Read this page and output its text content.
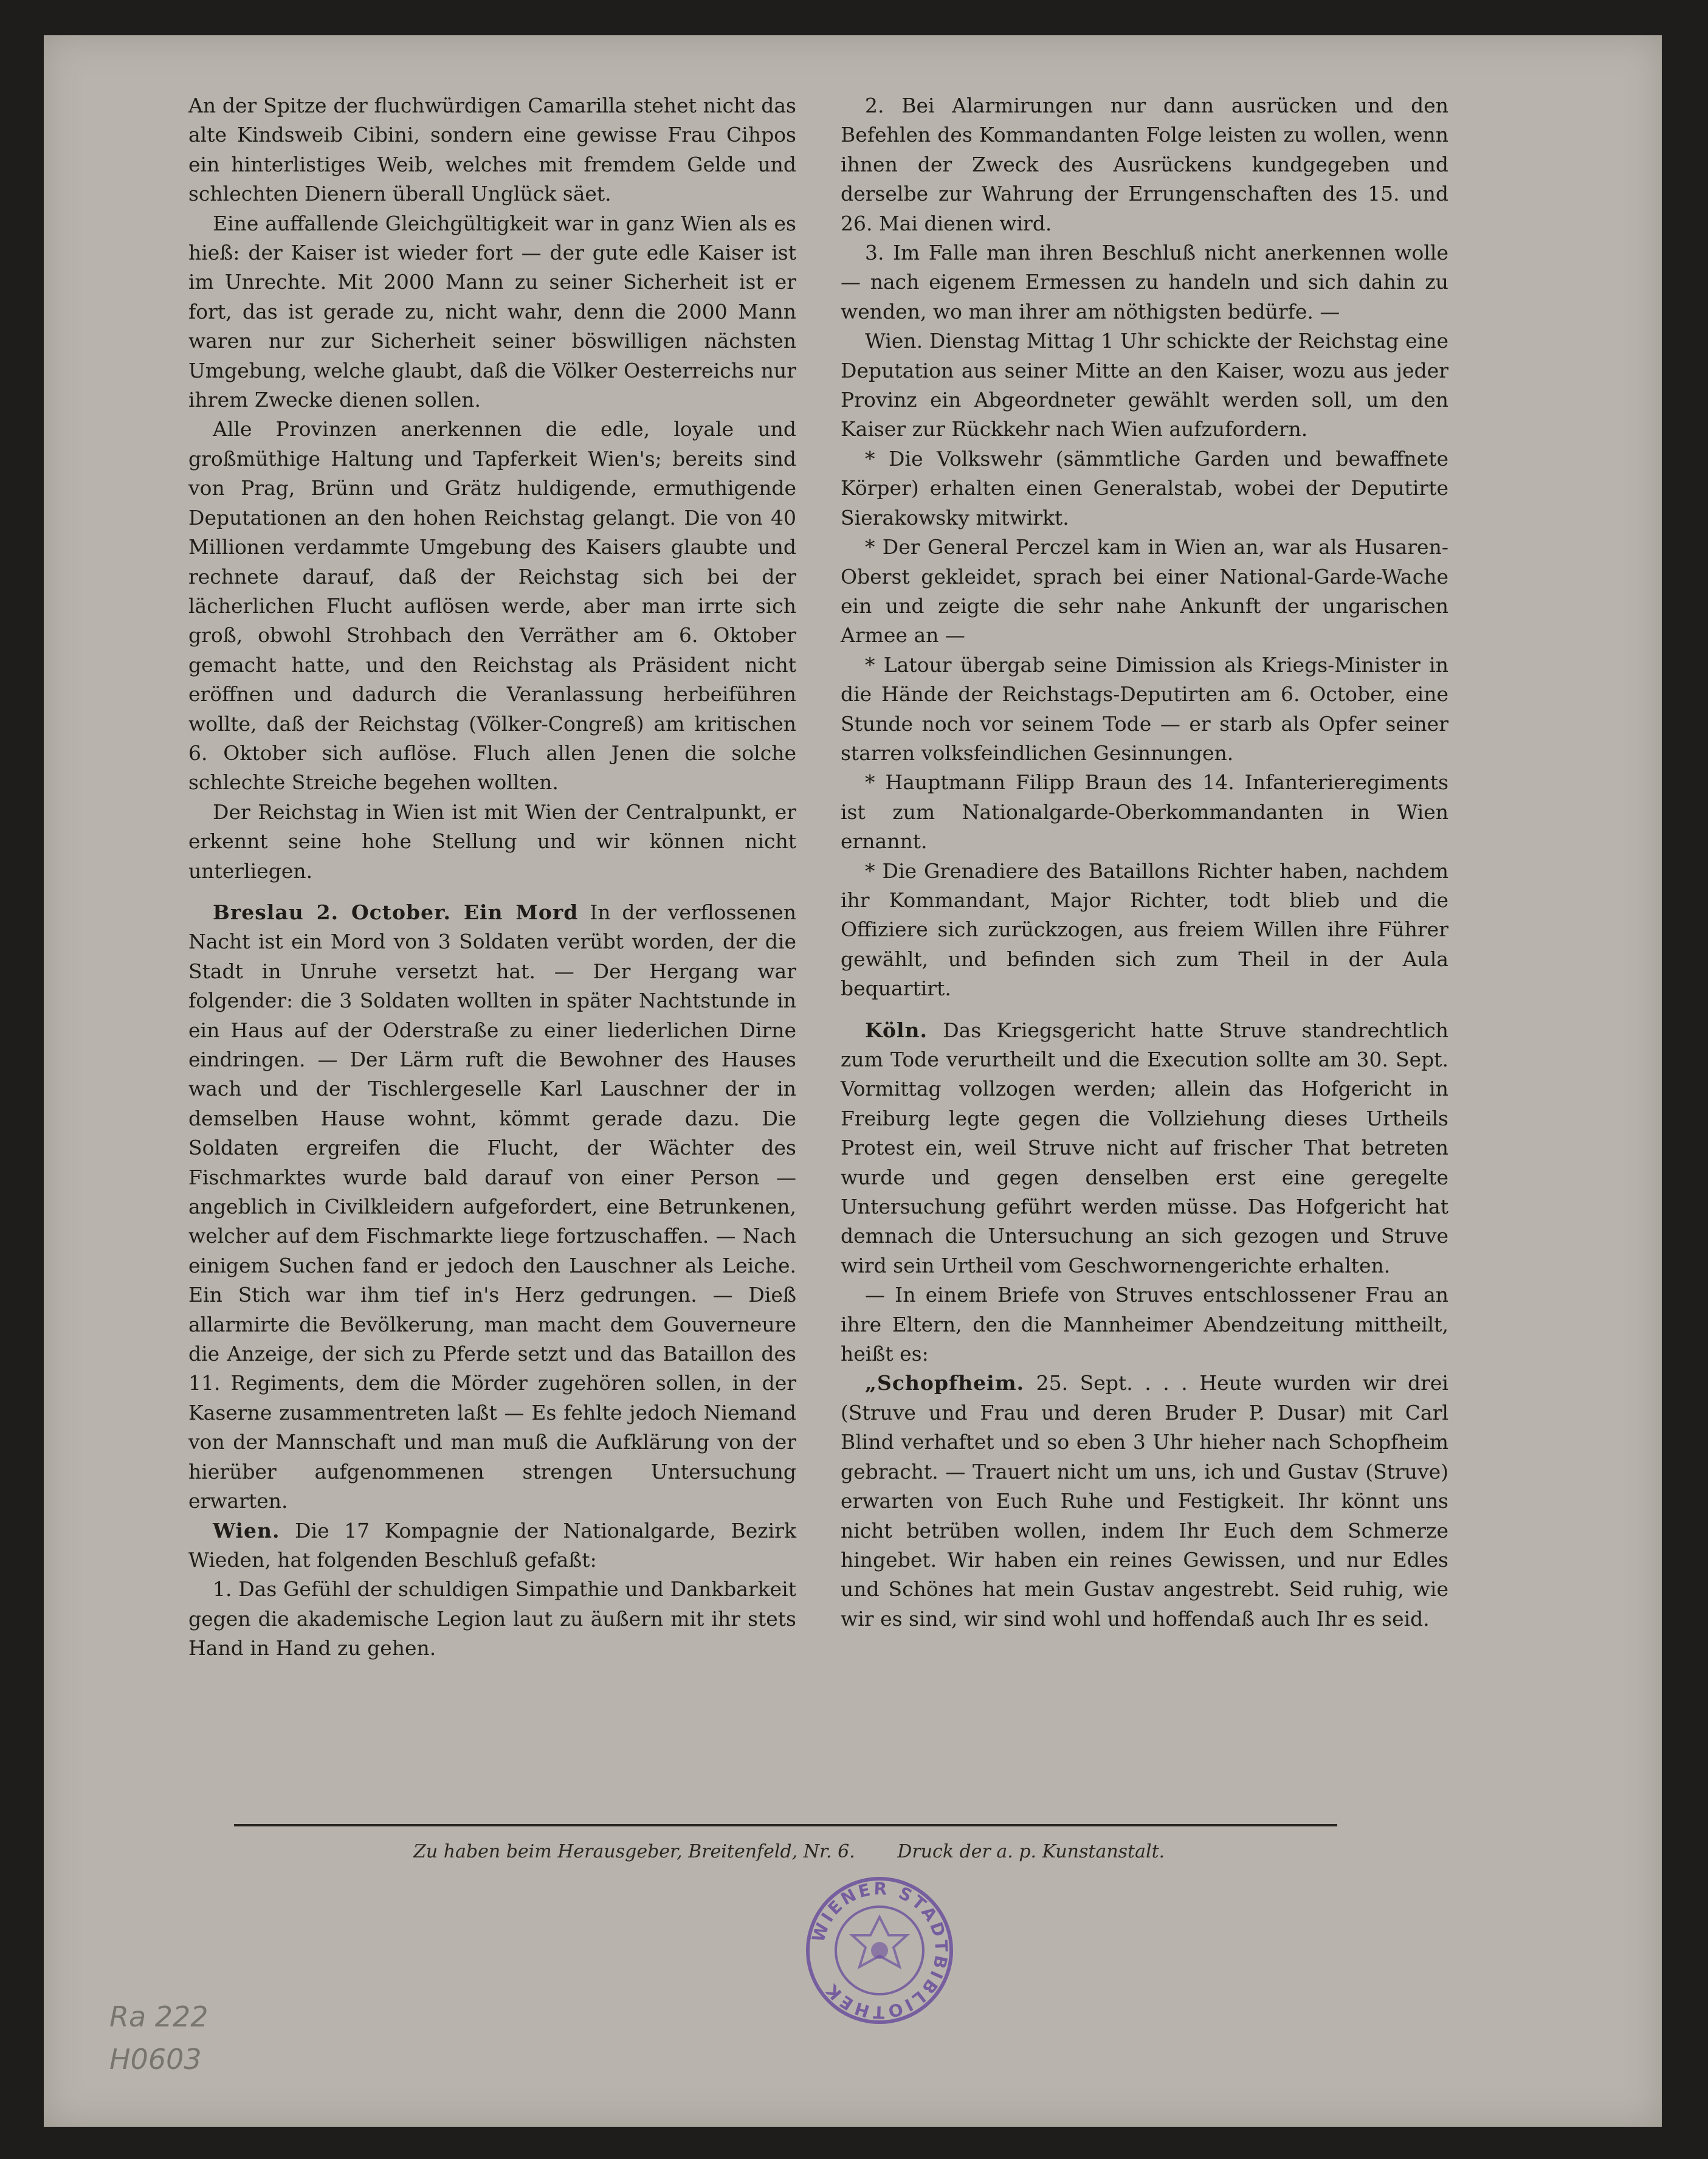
An der Spitze der fluchwürdigen Camarilla stehet nicht das alte Kindsweib Cibini, sondern eine gewisse Frau Cihpos ein hinterlistiges Weib, welches mit fremdem Gelde und schlechten Dienern überall Unglück säet.

Eine auffallende Gleichgültigkeit war in ganz Wien als es hieß: der Kaiser ist wieder fort — der gute edle Kaiser ist im Unrechte. Mit 2000 Mann zu seiner Sicherheit ist er fort, das ist gerade zu, nicht wahr, denn die 2000 Mann waren nur zur Sicherheit seiner böswilligen nächsten Umgebung, welche glaubt, daß die Völker Oesterreichs nur ihrem Zwecke dienen sollen.

Alle Provinzen anerkennen die edle, loyale und großmüthige Haltung und Tapferkeit Wien's; bereits sind von Prag, Brünn und Grätz huldigende, ermuthigende Deputationen an den hohen Reichstag gelangt. Die von 40 Millionen verdammte Umgebung des Kaisers glaubte und rechnete darauf, daß der Reichstag sich bei der lächerlichen Flucht auflösen werde, aber man irrte sich groß, obwohl Strohbach den Verräther am 6. Oktober gemacht hatte, und den Reichstag als Präsident nicht eröffnen und dadurch die Veranlassung herbeiführen wollte, daß der Reichstag (Völker-Congreß) am kritischen 6. Oktober sich auflöse. Fluch allen Jenen die solche schlechte Streiche begehen wollten.

Der Reichstag in Wien ist mit Wien der Centralpunkt, er erkennt seine hohe Stellung und wir können nicht unterliegen.

Breslau 2. October. Ein Mord In der verflossenen Nacht ist ein Mord von 3 Soldaten verübt worden, der die Stadt in Unruhe versetzt hat. — Der Hergang war folgender: die 3 Soldaten wollten in später Nachtstunde in ein Haus auf der Oderstraße zu einer liederlichen Dirne eindringen. — Der Lärm ruft die Bewohner des Hauses wach und der Tischlergeselle Karl Lauschner der in demselben Hause wohnt, kömmt gerade dazu. Die Soldaten ergreifen die Flucht, der Wächter des Fischmarktes wurde bald darauf von einer Person — angeblich in Civilkleidern aufgefordert, eine Betrunkenen, welcher auf dem Fischmarkte liege fortzuschaffen. — Nach einigem Suchen fand er jedoch den Lauschner als Leiche. Ein Stich war ihm tief in's Herz gedrungen. — Dieß allarmirte die Bevölkerung, man macht dem Gouverneure die Anzeige, der sich zu Pferde setzt und das Bataillon des 11. Regiments, dem die Mörder zugehören sollen, in der Kaserne zusammentreten laßt — Es fehlte jedoch Niemand von der Mannschaft und man muß die Aufklärung von der hierüber aufgenommenen strengen Untersuchung erwarten.

Wien. Die 17 Kompagnie der Nationalgarde, Bezirk Wieden, hat folgenden Beschluß gefaßt:

1. Das Gefühl der schuldigen Simpathie und Dankbarkeit gegen die akademische Legion laut zu äußern mit ihr stets Hand in Hand zu gehen.

2. Bei Alarmirungen nur dann ausrücken und den Befehlen des Kommandanten Folge leisten zu wollen, wenn ihnen der Zweck des Ausrückens kundgegeben und derselbe zur Wahrung der Errungenschaften des 15. und 26. Mai dienen wird.

3. Im Falle man ihren Beschluß nicht anerkennen wolle — nach eigenem Ermessen zu handeln und sich dahin zu wenden, wo man ihrer am nöthigsten bedürfe. —

Wien. Dienstag Mittag 1 Uhr schickte der Reichstag eine Deputation aus seiner Mitte an den Kaiser, wozu aus jeder Provinz ein Abgeordneter gewählt werden soll, um den Kaiser zur Rückkehr nach Wien aufzufordern.

* Die Volkswehr (sämmtliche Garden und bewaffnete Körper) erhalten einen Generalstab, wobei der Deputirte Sierakowsky mitwirkt.

* Der General Perczel kam in Wien an, war als Husaren-Oberst gekleidet, sprach bei einer National-Garde-Wache ein und zeigte die sehr nahe Ankunft der ungarischen Armee an —

* Latour übergab seine Dimission als Kriegs-Minister in die Hände der Reichstags-Deputirten am 6. October, eine Stunde noch vor seinem Tode — er starb als Opfer seiner starren volksfeindlichen Gesinnungen.

* Hauptmann Filipp Braun des 14. Infanterieregiments ist zum Nationalgarde-Oberkommandanten in Wien ernannt.

* Die Grenadiere des Bataillons Richter haben, nachdem ihr Kommandant, Major Richter, todt blieb und die Offiziere sich zurückzogen, aus freiem Willen ihre Führer gewählt, und befinden sich zum Theil in der Aula bequartirt.

Köln. Das Kriegsgericht hatte Struve standrechtlich zum Tode verurtheilt und die Execution sollte am 30. Sept. Vormittag vollzogen werden; allein das Hofgericht in Freiburg legte gegen die Vollziehung dieses Urtheils Protest ein, weil Struve nicht auf frischer That betreten wurde und gegen denselben erst eine geregelte Untersuchung geführt werden müsse. Das Hofgericht hat demnach die Untersuchung an sich gezogen und Struve wird sein Urtheil vom Geschwornengerichte erhalten.

— In einem Briefe von Struves entschlossener Frau an ihre Eltern, den die Mannheimer Abendzeitung mittheilt, heißt es:

„Schopfheim. 25. Sept. . . . Heute wurden wir drei (Struve und Frau und deren Bruder P. Dusar) mit Carl Blind verhaftet und so eben 3 Uhr hieher nach Schopfheim gebracht. — Trauert nicht um uns, ich und Gustav (Struve) erwarten von Euch Ruhe und Festigkeit. Ihr könnt uns nicht betrüben wollen, indem Ihr Euch dem Schmerze hingebet. Wir haben ein reines Gewissen, und nur Edles und Schönes hat mein Gustav angestrebt. Seid ruhig, wie wir es sind, wir sind wohl und hoffendaß auch Ihr es seid.

Zu haben beim Herausgeber, Breitenfeld, Nr. 6. Druck der a. p. Kunstanstalt.
WIENER STADTBIBLIOTHEK
Ra 222
H0603
